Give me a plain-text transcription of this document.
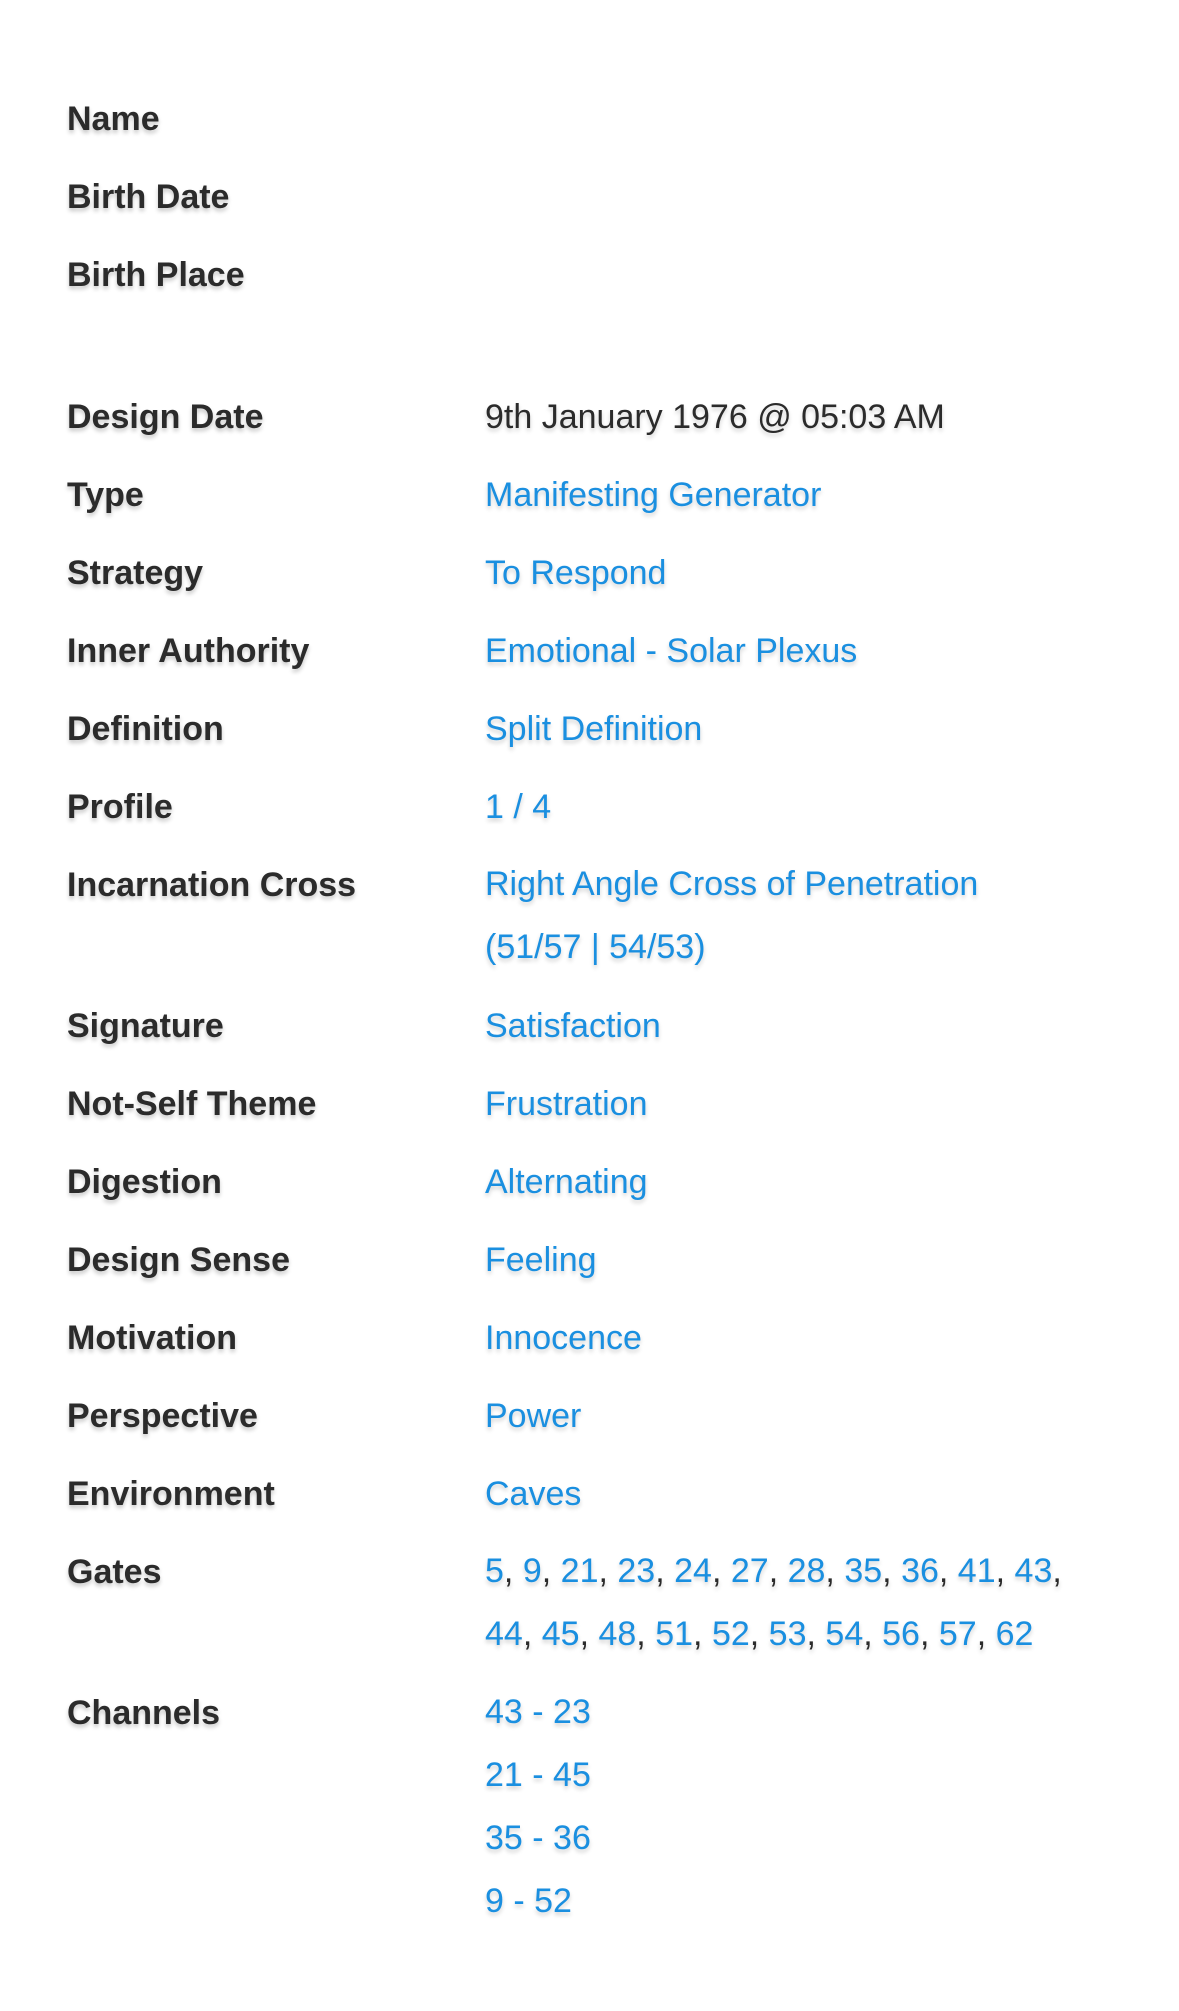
Name
Birth Date
Birth Place
Design Date	9th January 1976 @ 05:03 AM
Type	Manifesting Generator
Strategy	To Respond
Inner Authority	Emotional - Solar Plexus
Definition	Split Definition
Profile	1 / 4
Incarnation Cross	Right Angle Cross of Penetration
(51/57 | 54/53)
Signature	Satisfaction
Not-Self Theme	Frustration
Digestion	Alternating
Design Sense	Feeling
Motivation	Innocence
Perspective	Power
Environment	Caves
Gates	5, 9, 21, 23, 24, 27, 28, 35, 36, 41, 43,
44, 45, 48, 51, 52, 53, 54, 56, 57, 62
Channels	43 - 23
21 - 45
35 - 36
9 - 52
